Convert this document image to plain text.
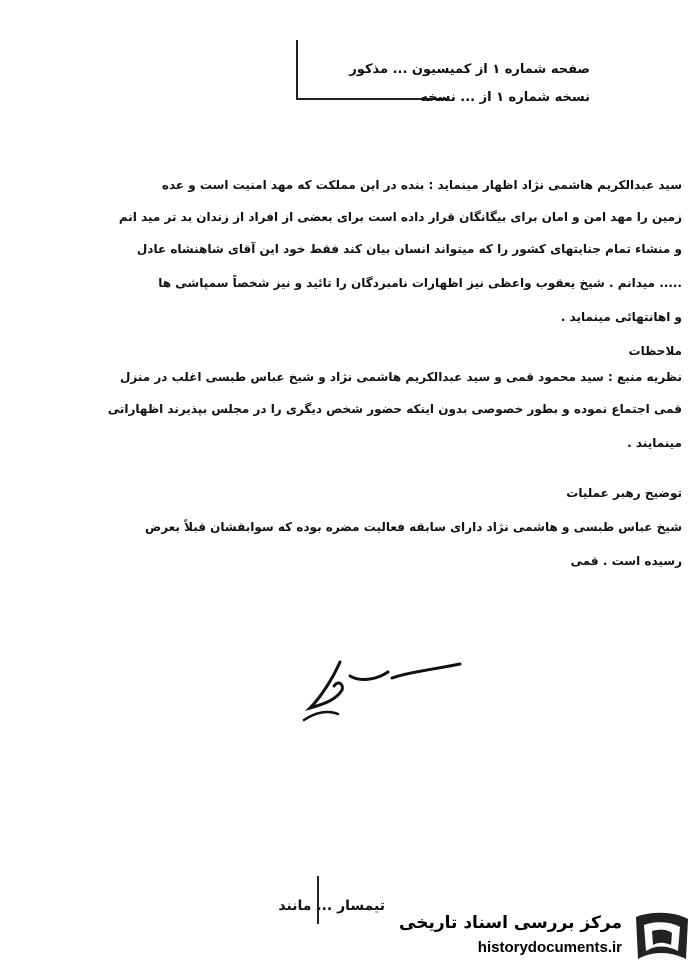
صفحه شماره ۱ از کمیسیون ... مذکور
نسخه شماره ۱ از ... نسخه
سید عبدالکریم هاشمی نژاد اظهار مینماید : بنده در این مملکت که مهد امنیت است و عده
زمین را مهد امن و امان برای بیگانگان قرار داده است برای بعضی از افراد از زندان بد تر مید انم
و منشاء تمام جنایتهای کشور را که میتواند انسان بیان کند فقط خود این آقای شاهنشاه عادل
..... میدانم . شیخ یعقوب واعظی نیز اظهارات نامبردگان را تائید و نیز شخصاً سمپاشی ها
و اهانتهائی مینماید .
ملاحظات
نظریه منبع : سید محمود قمی و سید عبدالکریم هاشمی نژاد و شیخ عباس طبسی اغلب در منزل
قمی اجتماع نموده و بطور خصوصی بدون اینکه حضور شخص دیگری را در مجلس بپذیرند اظهاراتی
مینمایند .
توضیح رهبر عملیات
شیخ عباس طبسی و هاشمی نژاد دارای سابقه فعالیت مضره بوده که سوابقشان قبلاً بعرض
رسیده است . قمی
تیمسار ... مانند
مرکز بررسی اسناد تاریخی
historydocuments.ir
